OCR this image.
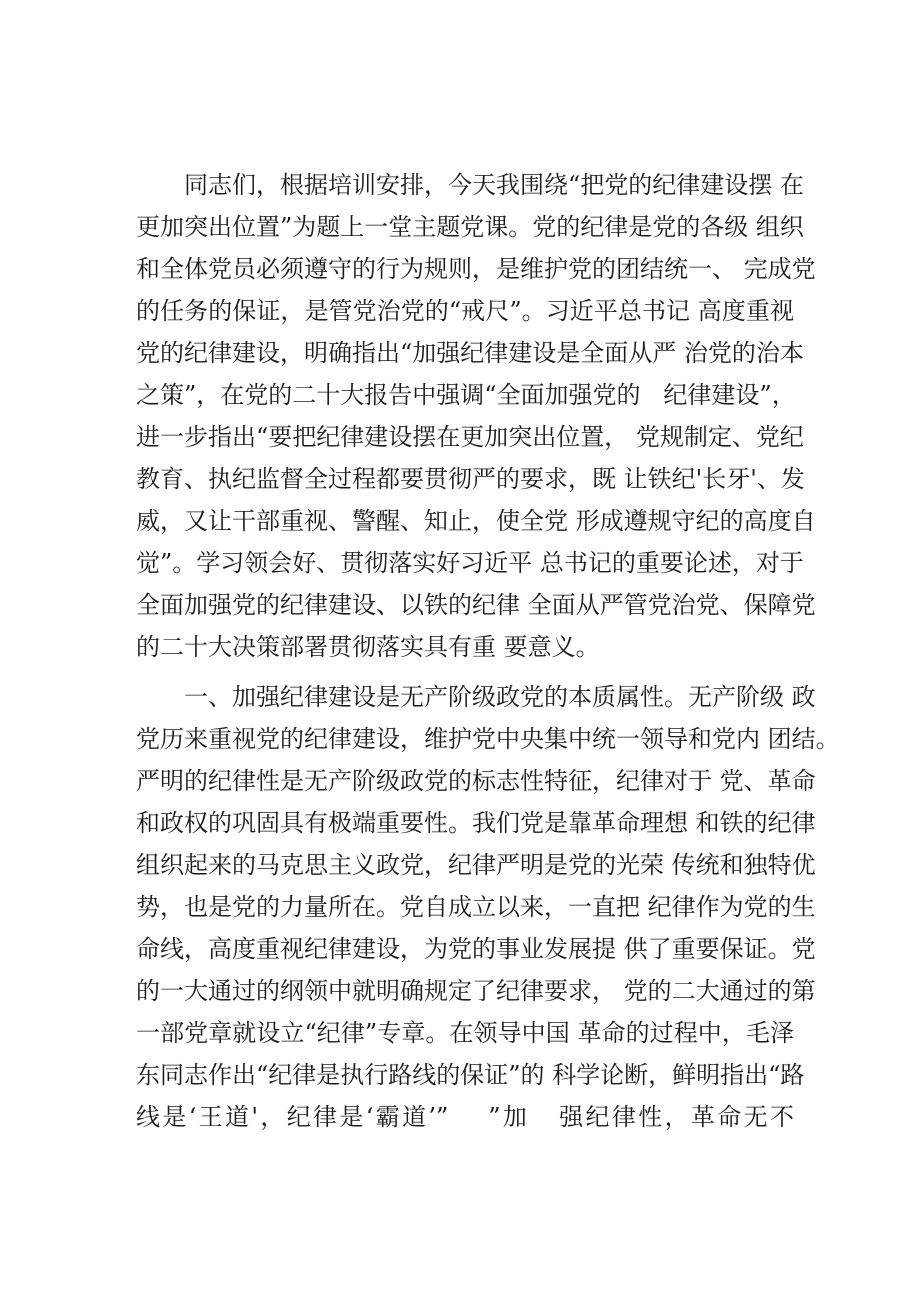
同志们，根据培训安排，今天我围绕“把党的纪律建设摆 在
更加突出位置”为题上一堂主题党课。党的纪律是党的各级 组织
和全体党员必须遵守的行为规则，是维护党的团结统一、 完成党
的任务的保证，是管党治党的“戒尺”。习近平总书记 高度重视
党的纪律建设，明确指出“加强纪律建设是全面从严 治党的治本
之策”，在党的二十大报告中强调“全面加强党的   纪律建设”，
进一步指出“要把纪律建设摆在更加突出位置， 党规制定、党纪
教育、执纪监督全过程都要贯彻严的要求，既 让铁纪'长牙'、发
威，又让干部重视、警醒、知止，使全党 形成遵规守纪的高度自
觉”。学习领会好、贯彻落实好习近平 总书记的重要论述，对于
全面加强党的纪律建设、以铁的纪律 全面从严管党治党、保障党
的二十大决策部署贯彻落实具有重 要意义。
一、加强纪律建设是无产阶级政党的本质属性。无产阶级 政
党历来重视党的纪律建设，维护党中央集中统一领导和党内 团结。
严明的纪律性是无产阶级政党的标志性特征，纪律对于 党、革命
和政权的巩固具有极端重要性。我们党是靠革命理想 和铁的纪律
组织起来的马克思主义政党，纪律严明是党的光荣 传统和独特优
势，也是党的力量所在。党自成立以来，一直把 纪律作为党的生
命线，高度重视纪律建设，为党的事业发展提 供了重要保证。党
的一大通过的纲领中就明确规定了纪律要求， 党的二大通过的第
一部党章就设立“纪律”专章。在领导中国 革命的过程中，毛泽
东同志作出“纪律是执行路线的保证”的 科学论断，鲜明指出“路
线是‘王道'，纪律是‘霸道’”    ”加   强纪律性，革命无不
